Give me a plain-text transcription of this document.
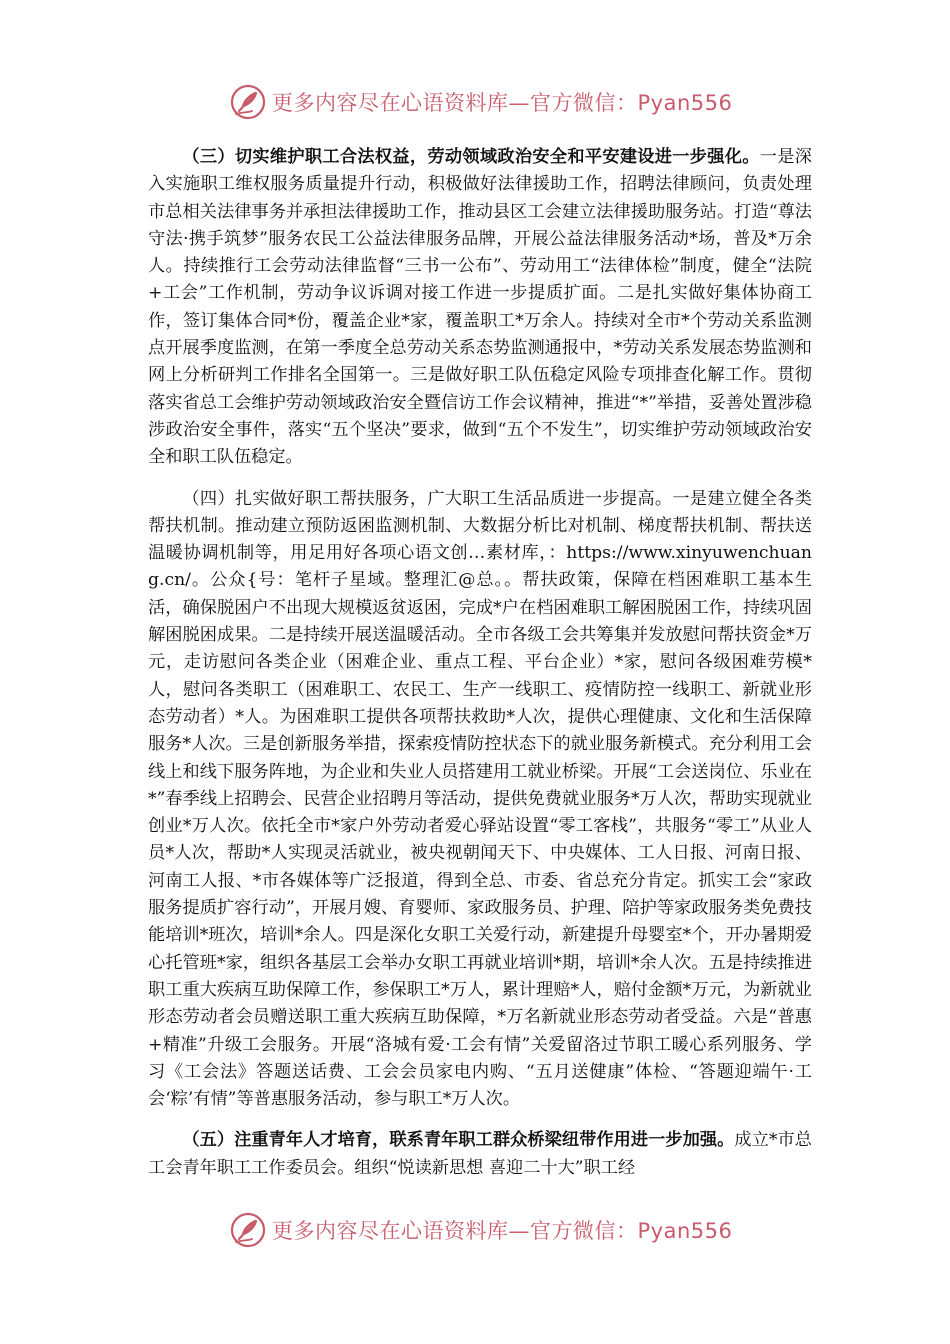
更多内容尽在心语资料库—官方微信：Pyan556

（三）切实维护职工合法权益，劳动领域政治安全和平安建设进一步强化。一是深入实施职工维权服务质量提升行动，积极做好法律援助工作，招聘法律顾问，负责处理市总相关法律事务并承担法律援助工作，推动县区工会建立法律援助服务站。打造“尊法守法·携手筑梦”服务农民工公益法律服务品牌，开展公益法律服务活动*场，普及*万余人。持续推行工会劳动法律监督“三书一公布”、劳动用工“法律体检”制度，健全“法院+工会”工作机制，劳动争议诉调对接工作进一步提质扩面。二是扎实做好集体协商工作，签订集体合同*份，覆盖企业*家，覆盖职工*万余人。持续对全市*个劳动关系监测点开展季度监测，在第一季度全总劳动关系态势监测通报中，*劳动关系发展态势监测和网上分析研判工作排名全国第一。三是做好职工队伍稳定风险专项排查化解工作。贯彻落实省总工会维护劳动领域政治安全暨信访工作会议精神，推进“*”举措，妥善处置涉稳涉政治安全事件，落实“五个坚决”要求，做到“五个不发生”，切实维护劳动领域政治安全和职工队伍稳定。

（四）扎实做好职工帮扶服务，广大职工生活品质进一步提高。一是建立健全各类帮扶机制。推动建立预防返困监测机制、大数据分析比对机制、梯度帮扶机制、帮扶送温暖协调机制等，用足用好各项心语文创…素材库，：https://www.xinyuwenchuang.cn/。公众{号：笔杆子星域。整理汇@总。。帮扶政策，保障在档困难职工基本生活，确保脱困户不出现大规模返贫返困，完成*户在档困难职工解困脱困工作，持续巩固解困脱困成果。二是持续开展送温暖活动。全市各级工会共筹集并发放慰问帮扶资金*万元，走访慰问各类企业（困难企业、重点工程、平台企业）*家，慰问各级困难劳模*人，慰问各类职工（困难职工、农民工、生产一线职工、疫情防控一线职工、新就业形态劳动者）*人。为困难职工提供各项帮扶救助*人次，提供心理健康、文化和生活保障服务*人次。三是创新服务举措，探索疫情防控状态下的就业服务新模式。充分利用工会线上和线下服务阵地，为企业和失业人员搭建用工就业桥梁。开展“工会送岗位、乐业在*”春季线上招聘会、民营企业招聘月等活动，提供免费就业服务*万人次，帮助实现就业创业*万人次。依托全市*家户外劳动者爱心驿站设置“零工客栈”，共服务“零工”从业人员*人次，帮助*人实现灵活就业，被央视朝闻天下、中央媒体、工人日报、河南日报、河南工人报、*市各媒体等广泛报道，得到全总、市委、省总充分肯定。抓实工会“家政服务提质扩容行动”，开展月嫂、育婴师、家政服务员、护理、陪护等家政服务类免费技能培训*班次，培训*余人。四是深化女职工关爱行动，新建提升母婴室*个，开办暑期爱心托管班*家，组织各基层工会举办女职工再就业培训*期，培训*余人次。五是持续推进职工重大疾病互助保障工作，参保职工*万人，累计理赔*人，赔付金额*万元，为新就业形态劳动者会员赠送职工重大疾病互助保障，*万名新就业形态劳动者受益。六是“普惠+精准”升级工会服务。开展“洛城有爱·工会有情”关爱留洛过节职工暖心系列服务、学习《工会法》答题送话费、工会会员家电内购、“五月送健康”体检、“答题迎端午·工会‘粽’有情”等普惠服务活动，参与职工*万人次。

（五）注重青年人才培育，联系青年职工群众桥梁纽带作用进一步加强。成立*市总工会青年职工工作委员会。组织“悦读新思想 喜迎二十大”职工经

更多内容尽在心语资料库—官方微信：Pyan556
